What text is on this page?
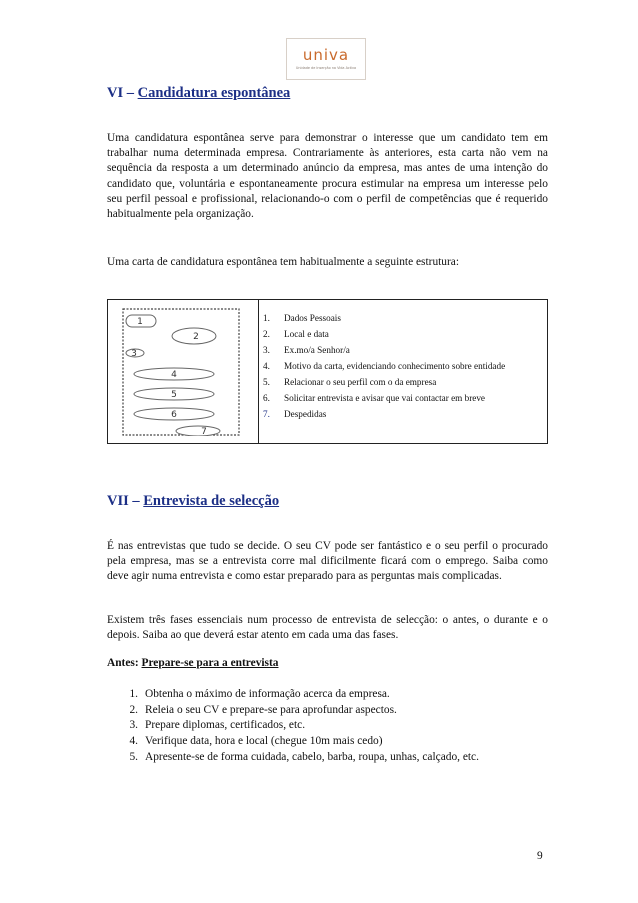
univa
Unidade de Inserção na Vida Activa
VI – Candidatura espontânea

Uma candidatura espontânea serve para demonstrar o interesse que um candidato tem em trabalhar numa determinada empresa. Contrariamente às anteriores, esta carta não vem na sequência da resposta a um determinado anúncio da empresa, mas antes de uma intenção do candidato que, voluntária e espontaneamente procura estimular na empresa um interesse pelo seu perfil pessoal e profissional, relacionando-o com o perfil de competências que é requerido habitualmente pela organização.

Uma carta de candidatura espontânea tem habitualmente a seguinte estrutura:

1
2
3
4
5
6
7
1. Dados Pessoais
2. Local e data
3. Ex.mo/a Senhor/a
4. Motivo da carta, evidenciando conhecimento sobre entidade
5. Relacionar o seu perfil com o da empresa
6. Solicitar entrevista e avisar que vai contactar em breve
7. Despedidas
VII – Entrevista de selecção

É nas entrevistas que tudo se decide. O seu CV pode ser fantástico e o seu perfil o procurado pela empresa, mas se a entrevista corre mal dificilmente ficará com o emprego. Saiba como deve agir numa entrevista e como estar preparado para as perguntas mais complicadas.

Existem três fases essenciais num processo de entrevista de selecção: o antes, o durante e o depois. Saiba ao que deverá estar atento em cada uma das fases.

Antes: Prepare-se para a entrevista
1. Obtenha o máximo de informação acerca da empresa.
2. Releia o seu CV e prepare-se para aprofundar aspectos.
3. Prepare diplomas, certificados, etc.
4. Verifique data, hora e local (chegue 10m mais cedo)
5. Apresente-se de forma cuidada, cabelo, barba, roupa, unhas, calçado, etc.
9
